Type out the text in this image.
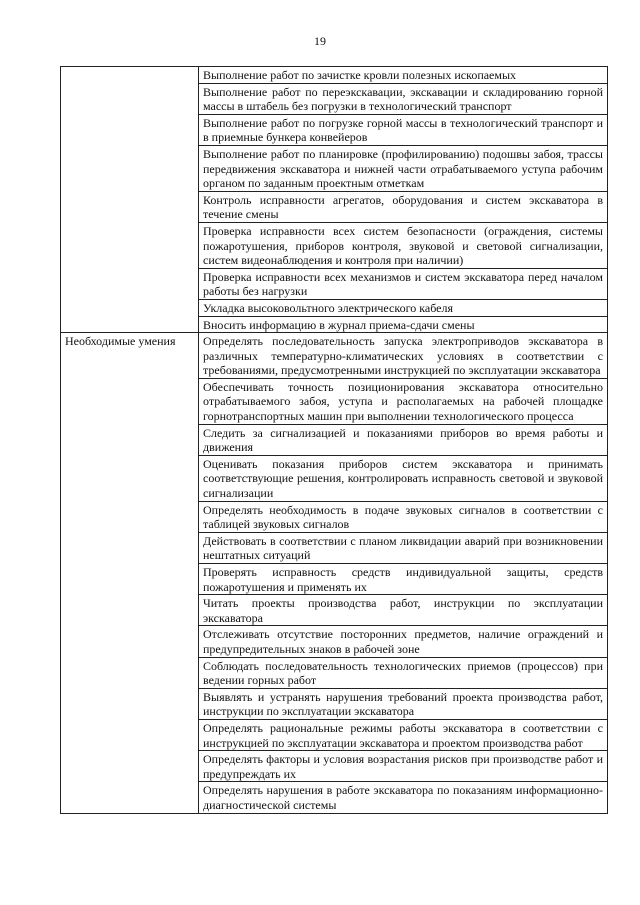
19
	Выполнение работ по зачистке кровли полезных ископаемых
	Выполнение работ по переэкскавации, экскавации и складированию горной массы в штабель без погрузки в технологический транспорт
	Выполнение работ по погрузке горной массы в технологический транспорт и в приемные бункера конвейеров
	Выполнение работ по планировке (профилированию) подошвы забоя, трассы передвижения экскаватора и нижней части отрабатываемого уступа рабочим органом по заданным проектным отметкам
	Контроль исправности агрегатов, оборудования и систем экскаватора в течение смены
	Проверка исправности всех систем безопасности (ограждения, системы пожаротушения, приборов контроля, звуковой и световой сигнализации, систем видеонаблюдения и контроля при наличии)
	Проверка исправности всех механизмов и систем экскаватора перед началом работы без нагрузки
	Укладка высоковольтного электрического кабеля
	Вносить информацию в журнал приема-сдачи смены
Необходимые умения	Определять последовательность запуска электроприводов экскаватора в различных температурно-климатических условиях в соответствии с требованиями, предусмотренными инструкцией по эксплуатации экскаватора
	Обеспечивать точность позиционирования экскаватора относительно отрабатываемого забоя, уступа и располагаемых на рабочей площадке горнотранспортных машин при выполнении технологического процесса
	Следить за сигнализацией и показаниями приборов во время работы и движения
	Оценивать показания приборов систем экскаватора и принимать соответствующие решения, контролировать исправность световой и звуковой сигнализации
	Определять необходимость в подаче звуковых сигналов в соответствии с таблицей звуковых сигналов
	Действовать в соответствии с планом ликвидации аварий при возникновении нештатных ситуаций
	Проверять исправность средств индивидуальной защиты, средств пожаротушения и применять их
	Читать проекты производства работ, инструкции по эксплуатации экскаватора
	Отслеживать отсутствие посторонних предметов, наличие ограждений и предупредительных знаков в рабочей зоне
	Соблюдать последовательность технологических приемов (процессов) при ведении горных работ
	Выявлять и устранять нарушения требований проекта производства работ, инструкции по эксплуатации экскаватора
	Определять рациональные режимы работы экскаватора в соответствии с инструкцией по эксплуатации экскаватора и проектом производства работ
	Определять факторы и условия возрастания рисков при производстве работ и предупреждать их
	Определять нарушения в работе экскаватора по показаниям информационно-диагностической системы
